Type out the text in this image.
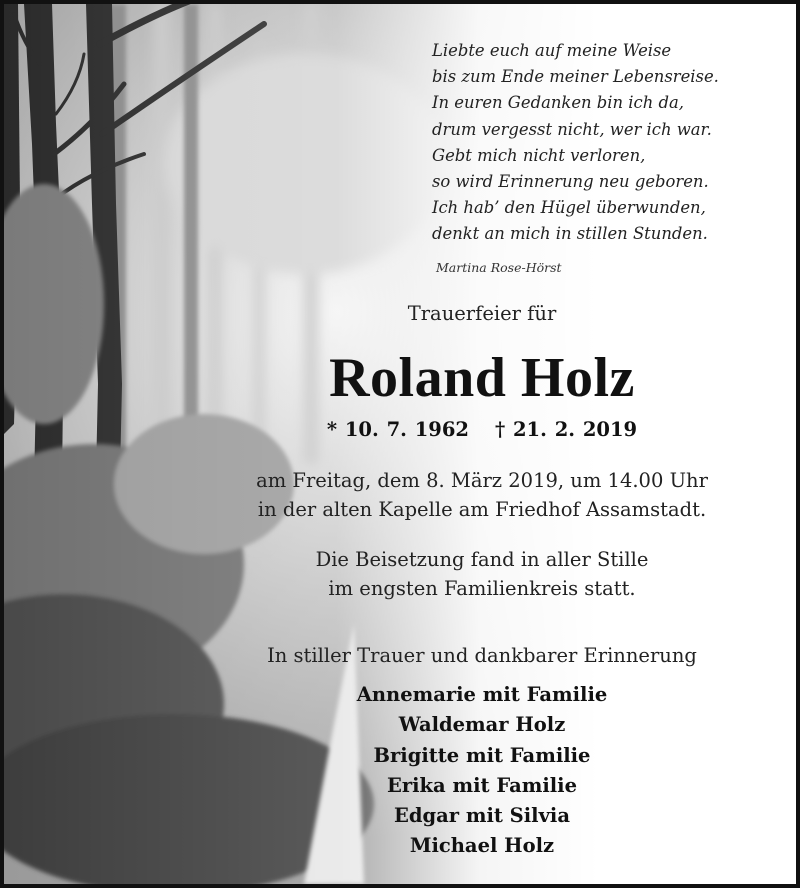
Liebte euch auf meine Weise
bis zum Ende meiner Lebensreise.
In euren Gedanken bin ich da,
drum vergesst nicht, wer ich war.
Gebt mich nicht verloren,
so wird Erinnerung neu geboren.
Ich hab’ den Hügel überwunden,
denkt an mich in stillen Stunden.
Martina Rose-Hörst
Trauerfeier für
Roland Holz
* 10. 7. 1962 † 21. 2. 2019
am Freitag, dem 8. März 2019, um 14.00 Uhr
in der alten Kapelle am Friedhof Assamstadt.
Die Beisetzung fand in aller Stille
im engsten Familienkreis statt.
In stiller Trauer und dankbarer Erinnerung
Annemarie mit Familie
Waldemar Holz
Brigitte mit Familie
Erika mit Familie
Edgar mit Silvia
Michael Holz
